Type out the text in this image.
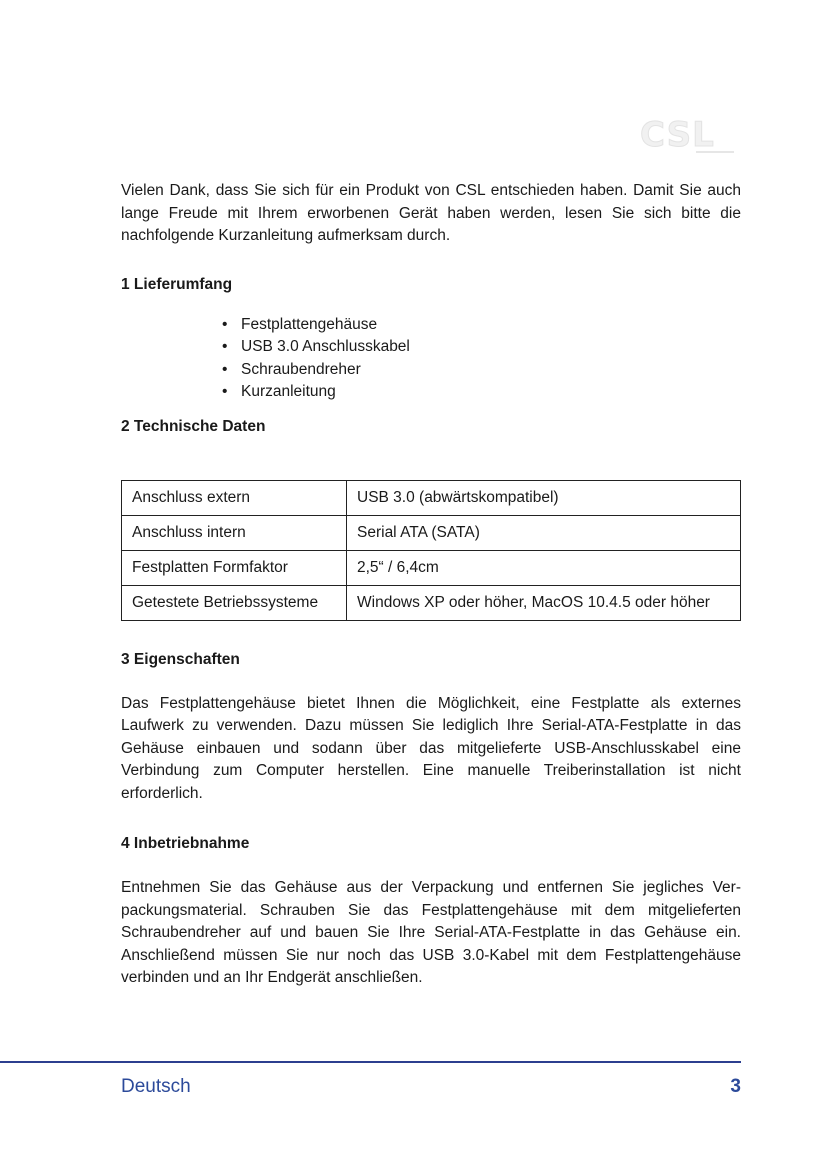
CSL

Vielen Dank, dass Sie sich für ein Produkt von CSL entschieden haben. Damit Sie auch lange Freude mit Ihrem erworbenen Gerät haben werden, lesen Sie sich bitte die nachfolgende Kurzanleitung aufmerksam durch.

1 Lieferumfang
• Festplattengehäuse
• USB 3.0 Anschlusskabel
• Schraubendreher
• Kurzanleitung
2 Technische Daten
Anschluss extern	USB 3.0 (abwärtskompatibel)
Anschluss intern	Serial ATA (SATA)
Festplatten Formfaktor	2,5“ / 6,4cm
Getestete Betriebssysteme	Windows XP oder höher, MacOS 10.4.5 oder höher
3 Eigenschaften

Das Festplattengehäuse bietet Ihnen die Möglichkeit, eine Festplatte als externes Laufwerk zu verwenden. Dazu müssen Sie lediglich Ihre Serial-ATA-Festplatte in das Gehäuse einbauen und sodann über das mitgelieferte USB-Anschlusskabel eine Verbindung zum Computer herstellen. Eine manuelle Treiberinstallation ist nicht erforderlich.

4 Inbetriebnahme

Entnehmen Sie das Gehäuse aus der Verpackung und entfernen Sie jegliches Ver-packungsmaterial. Schrauben Sie das Festplattengehäuse mit dem mitgelieferten Schraubendreher auf und bauen Sie Ihre Serial-ATA-Festplatte in das Gehäuse ein. Anschließend müssen Sie nur noch das USB 3.0-Kabel mit dem Festplattengehäuse verbinden und an Ihr Endgerät anschließen.

Deutsch	3
